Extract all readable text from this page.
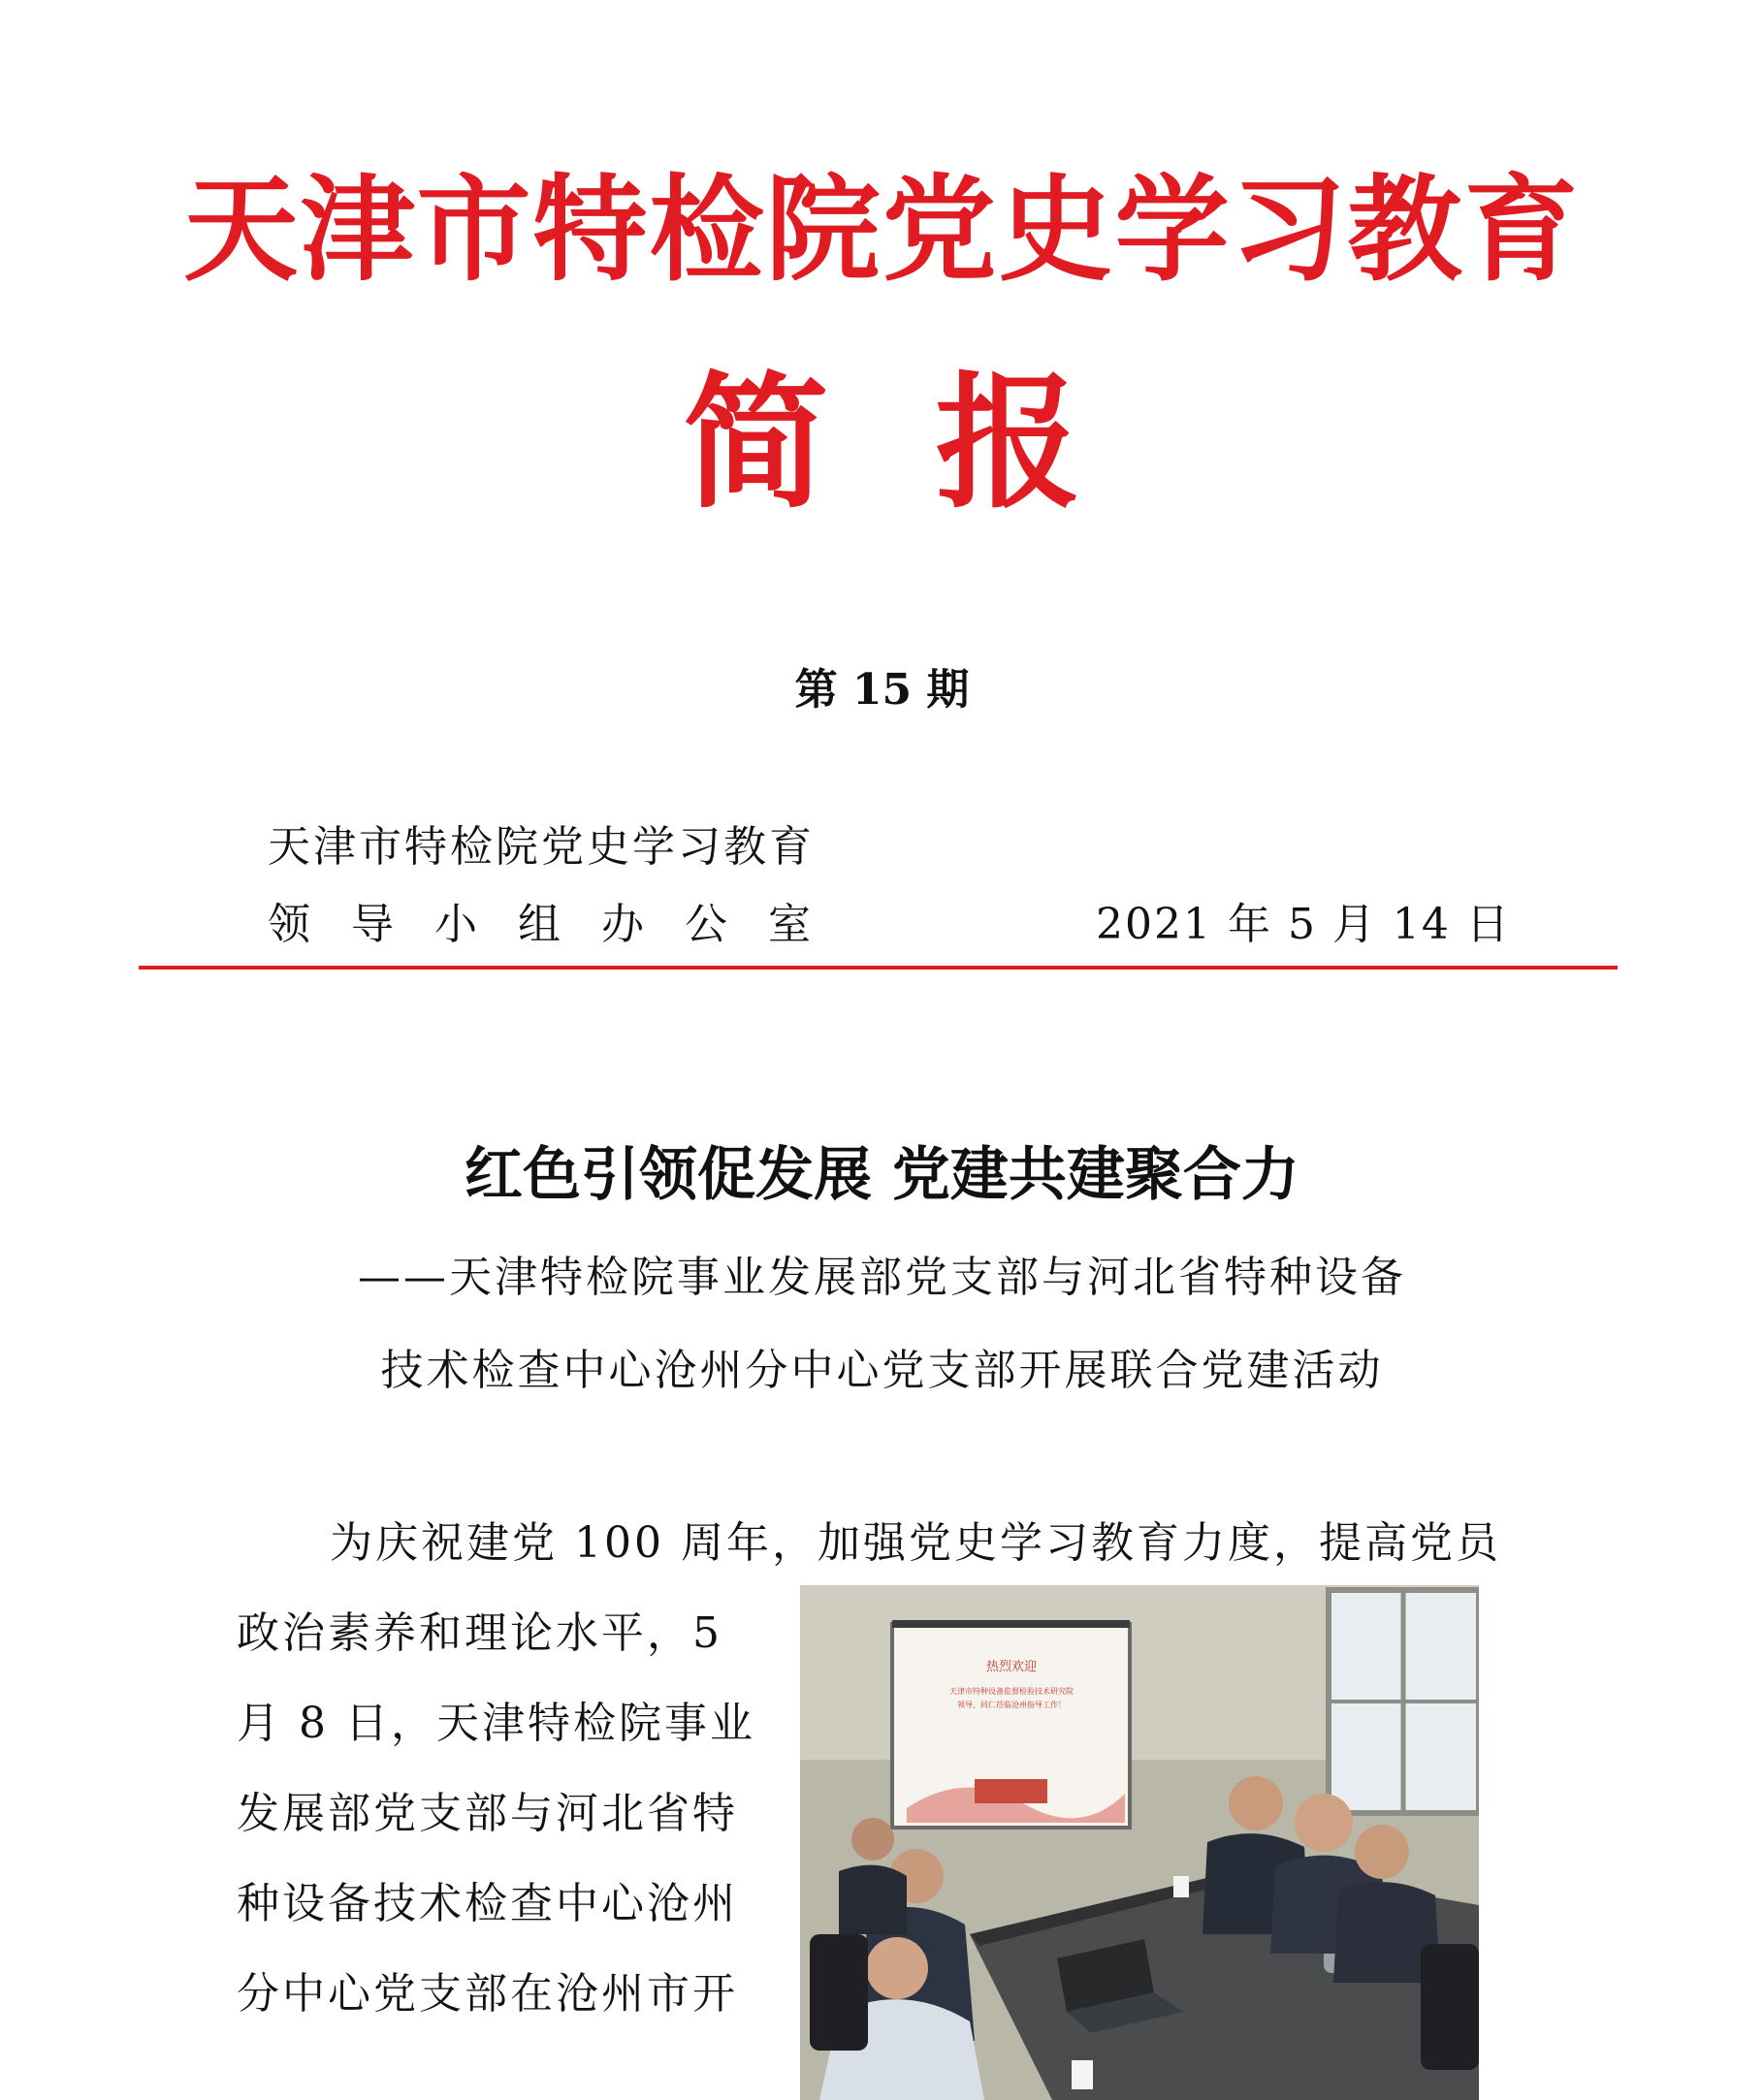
天津市特检院党史学习教育
简报
第 15 期
天津市特检院党史学习教育
领导小组办公室	2021 年 5 月 14 日
红色引领促发展 党建共建聚合力
——天津特检院事业发展部党支部与河北省特种设备
技术检查中心沧州分中心党支部开展联合党建活动
为庆祝建党 100 周年，加强党史学习教育力度，提高党员
政治素养和理论水平，5
月 8 日，天津特检院事业
发展部党支部与河北省特
种设备技术检查中心沧州
分中心党支部在沧州市开
热烈欢迎
天津市特种设备监督检验技术研究院
领导、同仁莅临沧州指导工作！
